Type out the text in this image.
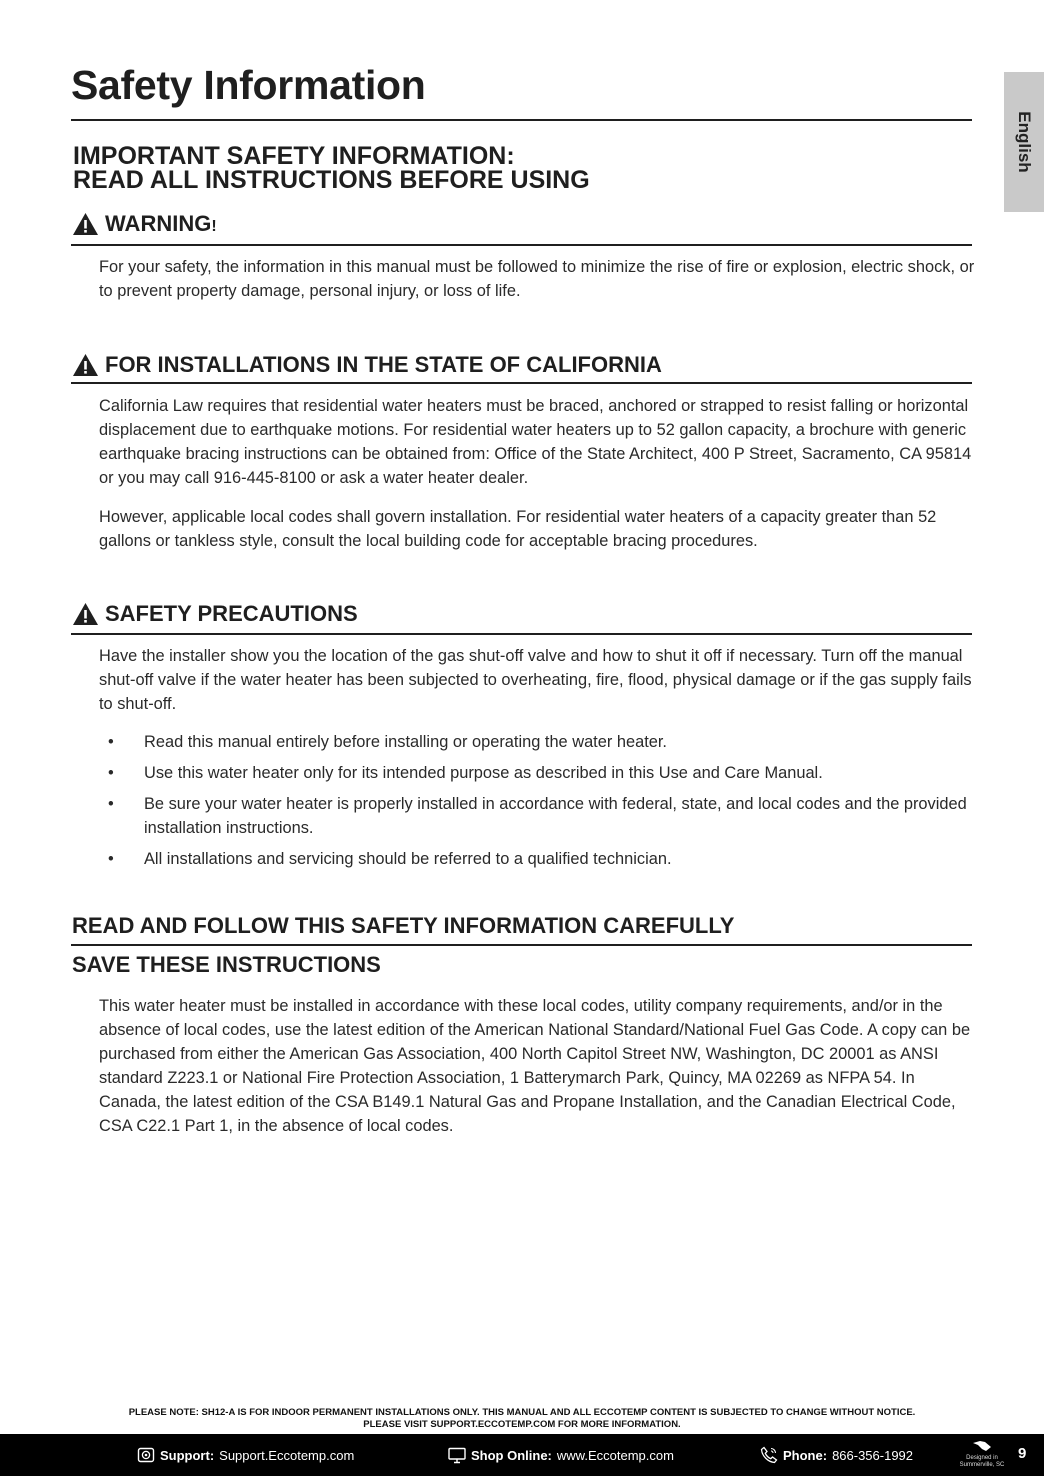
Safety Information
English
IMPORTANT SAFETY INFORMATION:
READ ALL INSTRUCTIONS BEFORE USING
WARNING!

For your safety, the information in this manual must be followed to minimize the rise of fire or explosion, electric shock, or to prevent property damage, personal injury, or loss of life.

FOR INSTALLATIONS IN THE STATE OF CALIFORNIA

California Law requires that residential water heaters must be braced, anchored or strapped to resist falling or horizontal displacement due to earthquake motions. For residential water heaters up to 52 gallon capacity, a brochure with generic earthquake bracing instructions can be obtained from: Office of the State Architect, 400 P Street, Sacramento, CA 95814 or you may call 916-445-8100 or ask a water heater dealer.

However, applicable local codes shall govern installation. For residential water heaters of a capacity greater than 52 gallons or tankless style, consult the local building code for acceptable bracing procedures.

SAFETY PRECAUTIONS

Have the installer show you the location of the gas shut-off valve and how to shut it off if necessary. Turn off the manual shut-off valve if the water heater has been subjected to overheating, fire, flood, physical damage or if the gas supply fails to shut-off.

• Read this manual entirely before installing or operating the water heater.
• Use this water heater only for its intended purpose as described in this Use and Care Manual.
• Be sure your water heater is properly installed in accordance with federal, state, and local codes and the provided installation instructions.
• All installations and servicing should be referred to a qualified technician.
READ AND FOLLOW THIS SAFETY INFORMATION CAREFULLY
SAVE THESE INSTRUCTIONS

This water heater must be installed in accordance with these local codes, utility company requirements, and/or in the absence of local codes, use the latest edition of the American National Standard/National Fuel Gas Code. A copy can be purchased from either the American Gas Association, 400 North Capitol Street NW, Washington, DC 20001 as ANSI standard Z223.1 or National Fire Protection Association, 1 Batterymarch Park, Quincy, MA 02269 as NFPA 54. In Canada, the latest edition of the CSA B149.1 Natural Gas and Propane Installation, and the Canadian Electrical Code, CSA C22.1 Part 1, in the absence of local codes.

PLEASE NOTE: SH12-A IS FOR INDOOR PERMANENT INSTALLATIONS ONLY. THIS MANUAL AND ALL ECCOTEMP CONTENT IS SUBJECTED TO CHANGE WITHOUT NOTICE.
PLEASE VISIT SUPPORT.ECCOTEMP.COM FOR MORE INFORMATION.
Support: Support.Eccotemp.com	Shop Online: www.Eccotemp.com	Phone: 866-356-1992	Designed in
Summerville, SC
9
